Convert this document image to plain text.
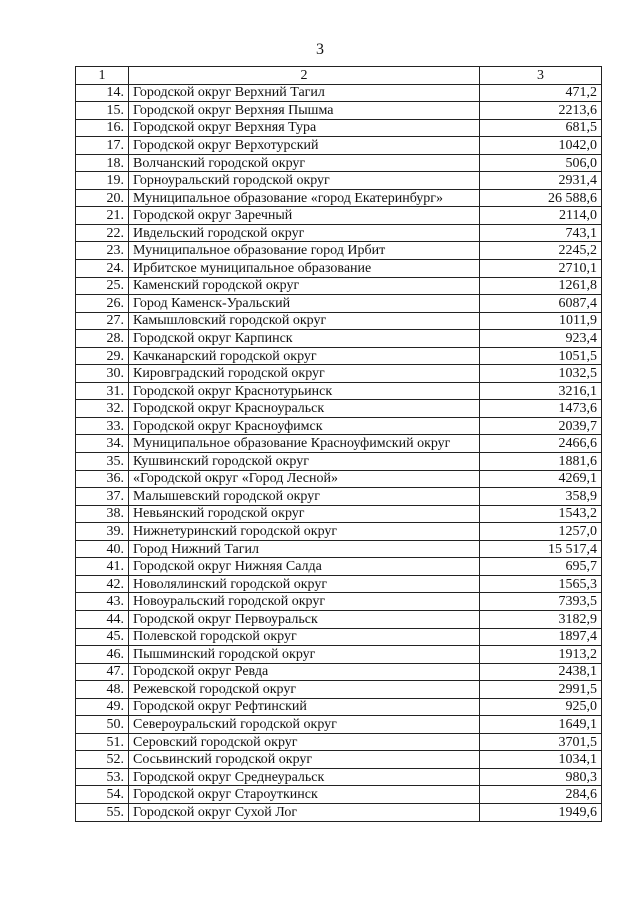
3
1	2	3
14.	Городской округ Верхний Тагил	471,2
15.	Городской округ Верхняя Пышма	2213,6
16.	Городской округ Верхняя Тура	681,5
17.	Городской округ Верхотурский	1042,0
18.	Волчанский городской округ	506,0
19.	Горноуральский городской округ	2931,4
20.	Муниципальное образование «город Екатеринбург»	26 588,6
21.	Городской округ Заречный	2114,0
22.	Ивдельский городской округ	743,1
23.	Муниципальное образование город Ирбит	2245,2
24.	Ирбитское муниципальное образование	2710,1
25.	Каменский городской округ	1261,8
26.	Город Каменск-Уральский	6087,4
27.	Камышловский городской округ	1011,9
28.	Городской округ Карпинск	923,4
29.	Качканарский городской округ	1051,5
30.	Кировградский городской округ	1032,5
31.	Городской округ Краснотурьинск	3216,1
32.	Городской округ Красноуральск	1473,6
33.	Городской округ Красноуфимск	2039,7
34.	Муниципальное образование Красноуфимский округ	2466,6
35.	Кушвинский городской округ	1881,6
36.	«Городской округ «Город Лесной»	4269,1
37.	Малышевский городской округ	358,9
38.	Невьянский городской округ	1543,2
39.	Нижнетуринский городской округ	1257,0
40.	Город Нижний Тагил	15 517,4
41.	Городской округ Нижняя Салда	695,7
42.	Новолялинский городской округ	1565,3
43.	Новоуральский городской округ	7393,5
44.	Городской округ Первоуральск	3182,9
45.	Полевской городской округ	1897,4
46.	Пышминский городской округ	1913,2
47.	Городской округ Ревда	2438,1
48.	Режевской городской округ	2991,5
49.	Городской округ Рефтинский	925,0
50.	Североуральский городской округ	1649,1
51.	Серовский городской округ	3701,5
52.	Сосьвинский городской округ	1034,1
53.	Городской округ Среднеуральск	980,3
54.	Городской округ Староуткинск	284,6
55.	Городской округ Сухой Лог	1949,6
